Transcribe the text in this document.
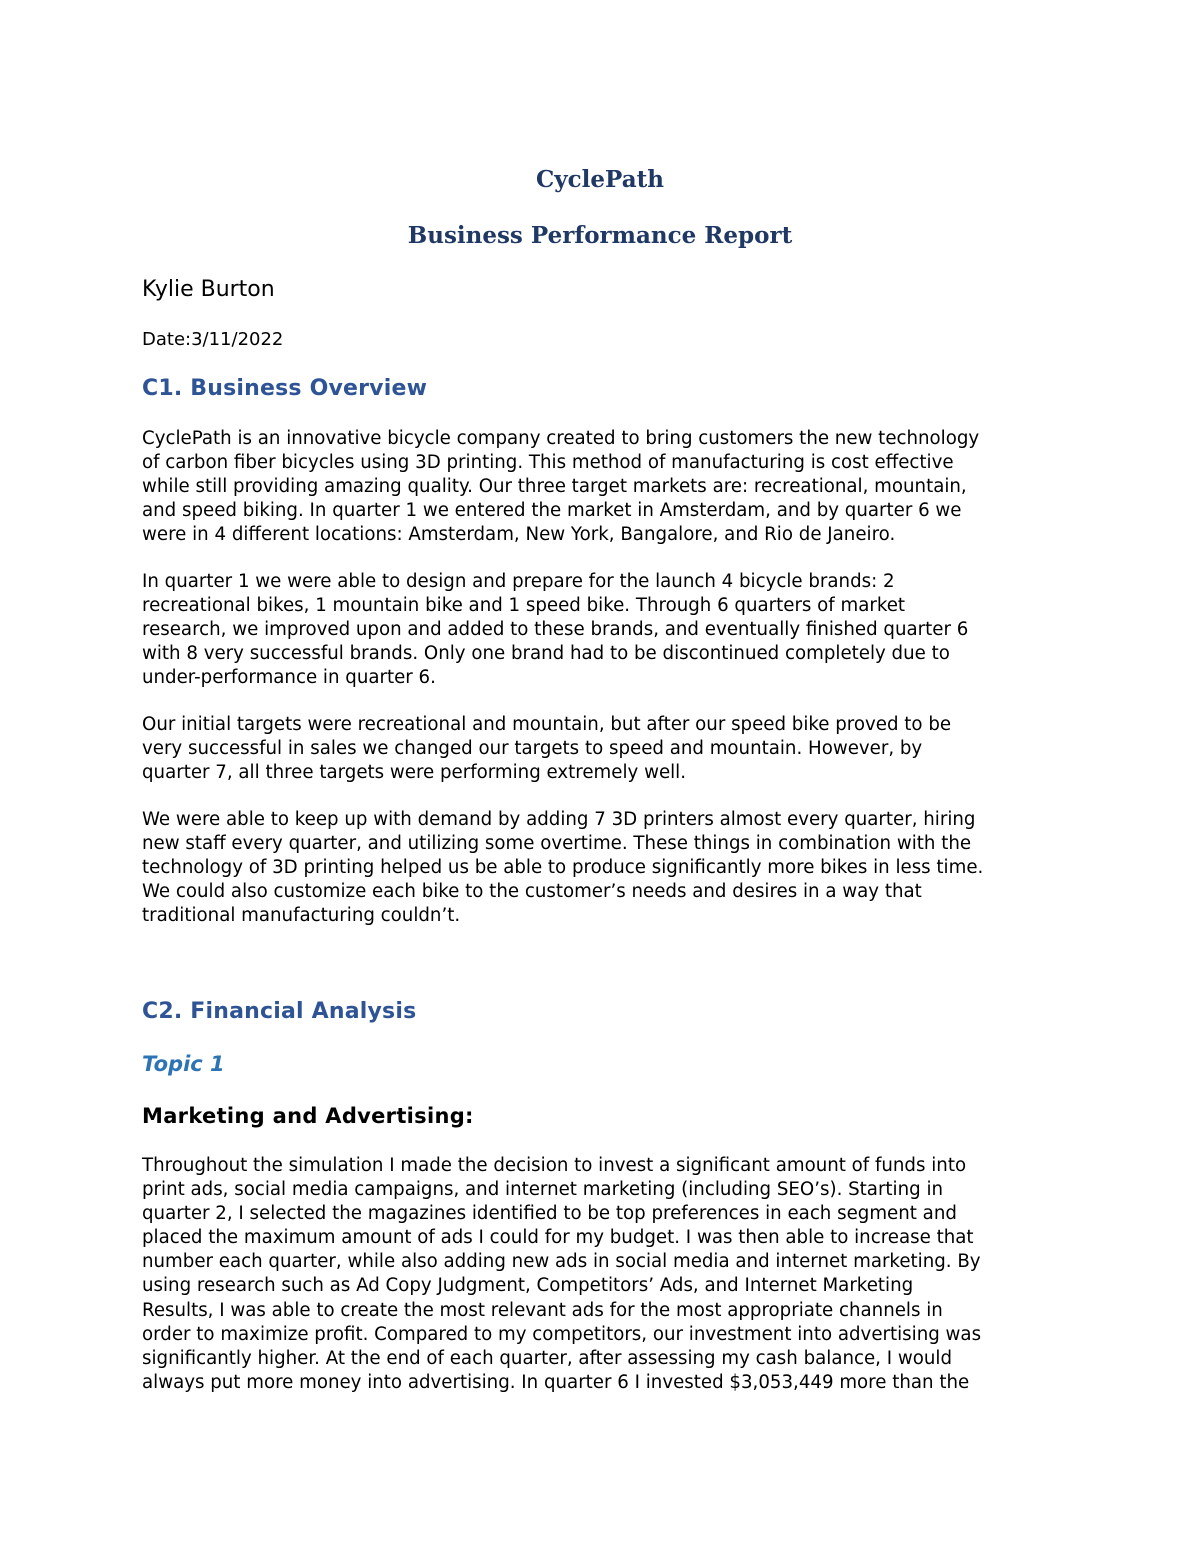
CyclePath
Business Performance Report

Kylie Burton

Date:3/11/2022

C1. Business Overview

CyclePath is an innovative bicycle company created to bring customers the new technology
of carbon fiber bicycles using 3D printing. This method of manufacturing is cost effective
while still providing amazing quality. Our three target markets are: recreational, mountain,
and speed biking. In quarter 1 we entered the market in Amsterdam, and by quarter 6 we
were in 4 different locations: Amsterdam, New York, Bangalore, and Rio de Janeiro.

In quarter 1 we were able to design and prepare for the launch 4 bicycle brands: 2
recreational bikes, 1 mountain bike and 1 speed bike. Through 6 quarters of market
research, we improved upon and added to these brands, and eventually finished quarter 6
with 8 very successful brands. Only one brand had to be discontinued completely due to
under-performance in quarter 6.

Our initial targets were recreational and mountain, but after our speed bike proved to be
very successful in sales we changed our targets to speed and mountain. However, by
quarter 7, all three targets were performing extremely well.

We were able to keep up with demand by adding 7 3D printers almost every quarter, hiring
new staff every quarter, and utilizing some overtime. These things in combination with the
technology of 3D printing helped us be able to produce significantly more bikes in less time.
We could also customize each bike to the customer’s needs and desires in a way that
traditional manufacturing couldn’t.

C2. Financial Analysis
Topic 1
Marketing and Advertising:

Throughout the simulation I made the decision to invest a significant amount of funds into
print ads, social media campaigns, and internet marketing (including SEO’s). Starting in
quarter 2, I selected the magazines identified to be top preferences in each segment and
placed the maximum amount of ads I could for my budget. I was then able to increase that
number each quarter, while also adding new ads in social media and internet marketing. By
using research such as Ad Copy Judgment, Competitors’ Ads, and Internet Marketing
Results, I was able to create the most relevant ads for the most appropriate channels in
order to maximize profit. Compared to my competitors, our investment into advertising was
significantly higher. At the end of each quarter, after assessing my cash balance, I would
always put more money into advertising. In quarter 6 I invested $3,053,449 more than the
